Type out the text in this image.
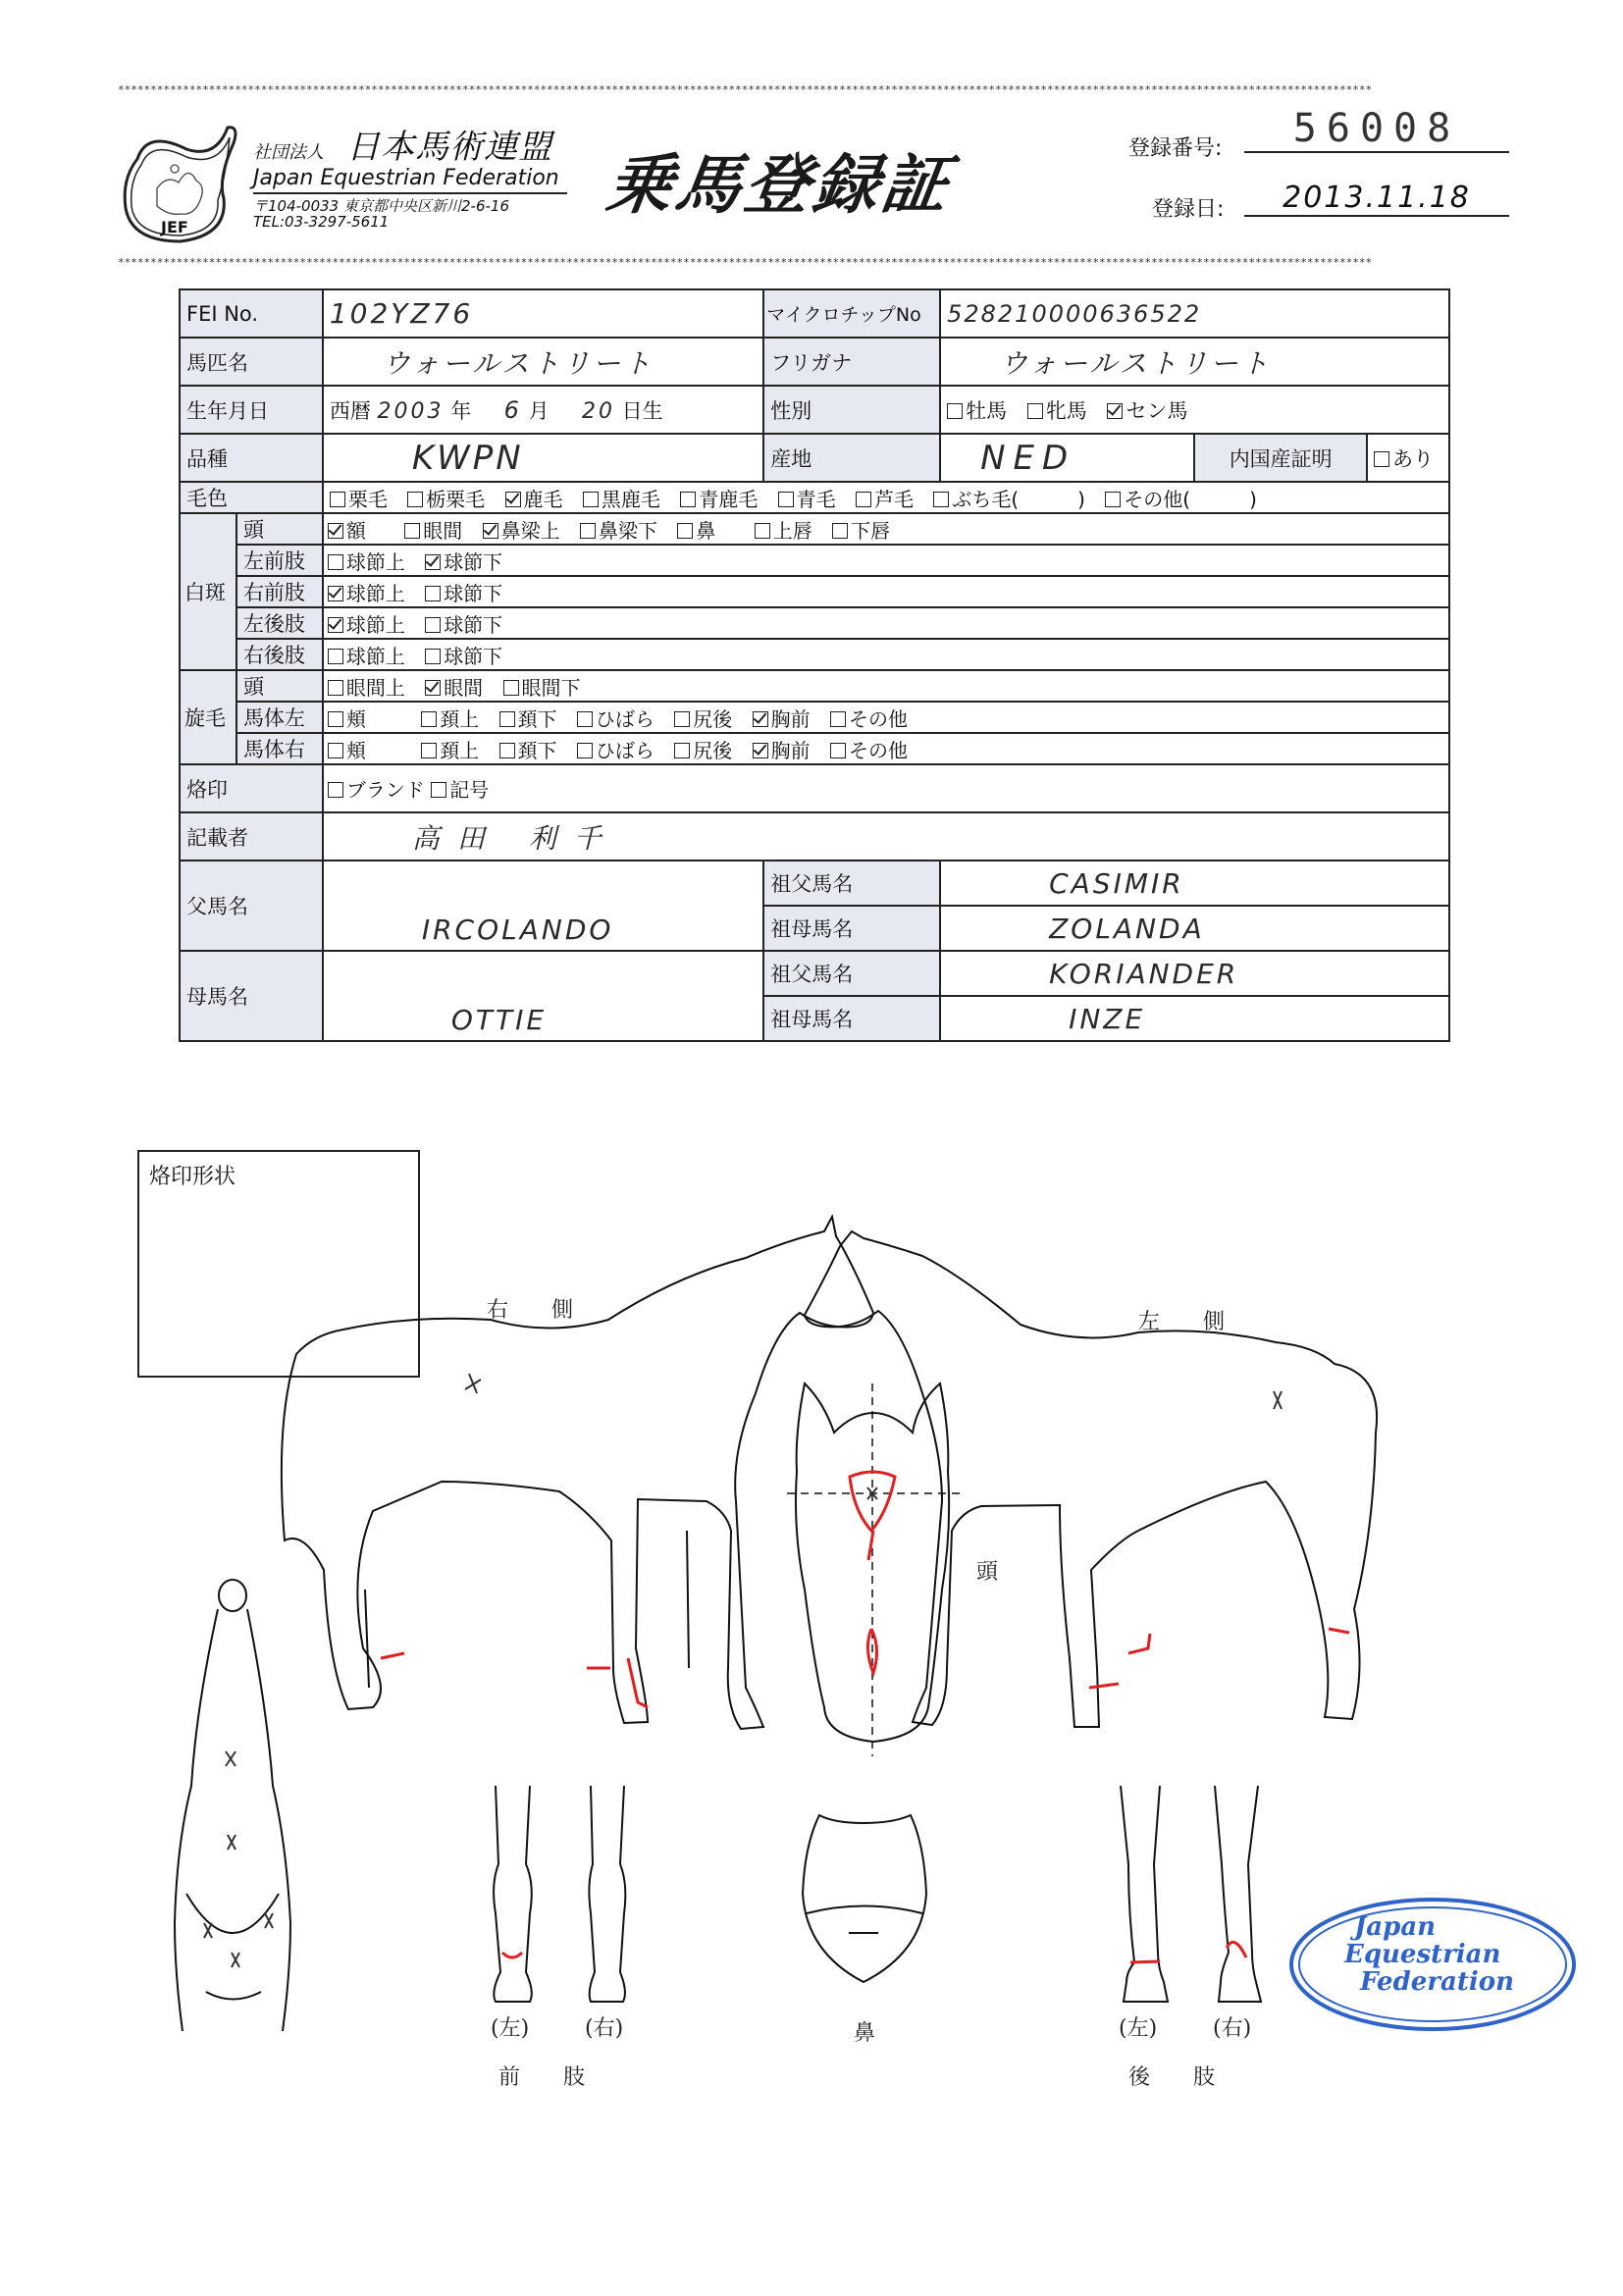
*************************************************************************************************************************************************************************************************
*************************************************************************************************************************************************************************************************
JEF
社団法人 日本馬術連盟
Japan Equestrian Federation
〒104-0033 東京都中央区新川2-6-16
TEL:03-3297-5611	乗馬登録証	登録番号:	56008
登録日:	2013.11.18
FEI No.		102YZ76	マイクロチップNo	528210000636522		
馬匹名		ウォールストリート	フリガナ	ウォールストリート		
生年月日		西暦 2003 年 6 月 20 日生	性別	牡馬 牝馬 セン馬		
品種		KWPN	産地	NED	内国産証明	あり
毛色		栗毛 栃栗毛 鹿毛 黒鹿毛 青鹿毛 青毛 芦毛 ぶち毛(　　　) その他(　　　)				
白斑	頭	額 眼間 鼻梁上 鼻梁下 鼻 上唇 下唇				
	左前肢	球節上 球節下				
	右前肢	球節上 球節下				
	左後肢	球節上 球節下				
	右後肢	球節上 球節下				
旋毛	頭	眼間上 眼間 眼間下				
	馬体左	頬 頚上 頚下 ひばら 尻後 胸前 その他				
	馬体右	頬 頚上 頚下 ひばら 尻後 胸前 その他				
烙印		ブランド 記号				
記載者		高田 利千				
父馬名		IRCOLANDO	祖父馬名	CASIMIR		
			祖母馬名	ZOLANDA		
母馬名		OTTIE	祖父馬名	KORIANDER		
			祖母馬名	INZE		
烙印形状
右　　側	左　　側
頭
鼻
(左)	(右)
前　　肢
(左)	(右)
後　　肢
Japan
Equestrian
Federation
